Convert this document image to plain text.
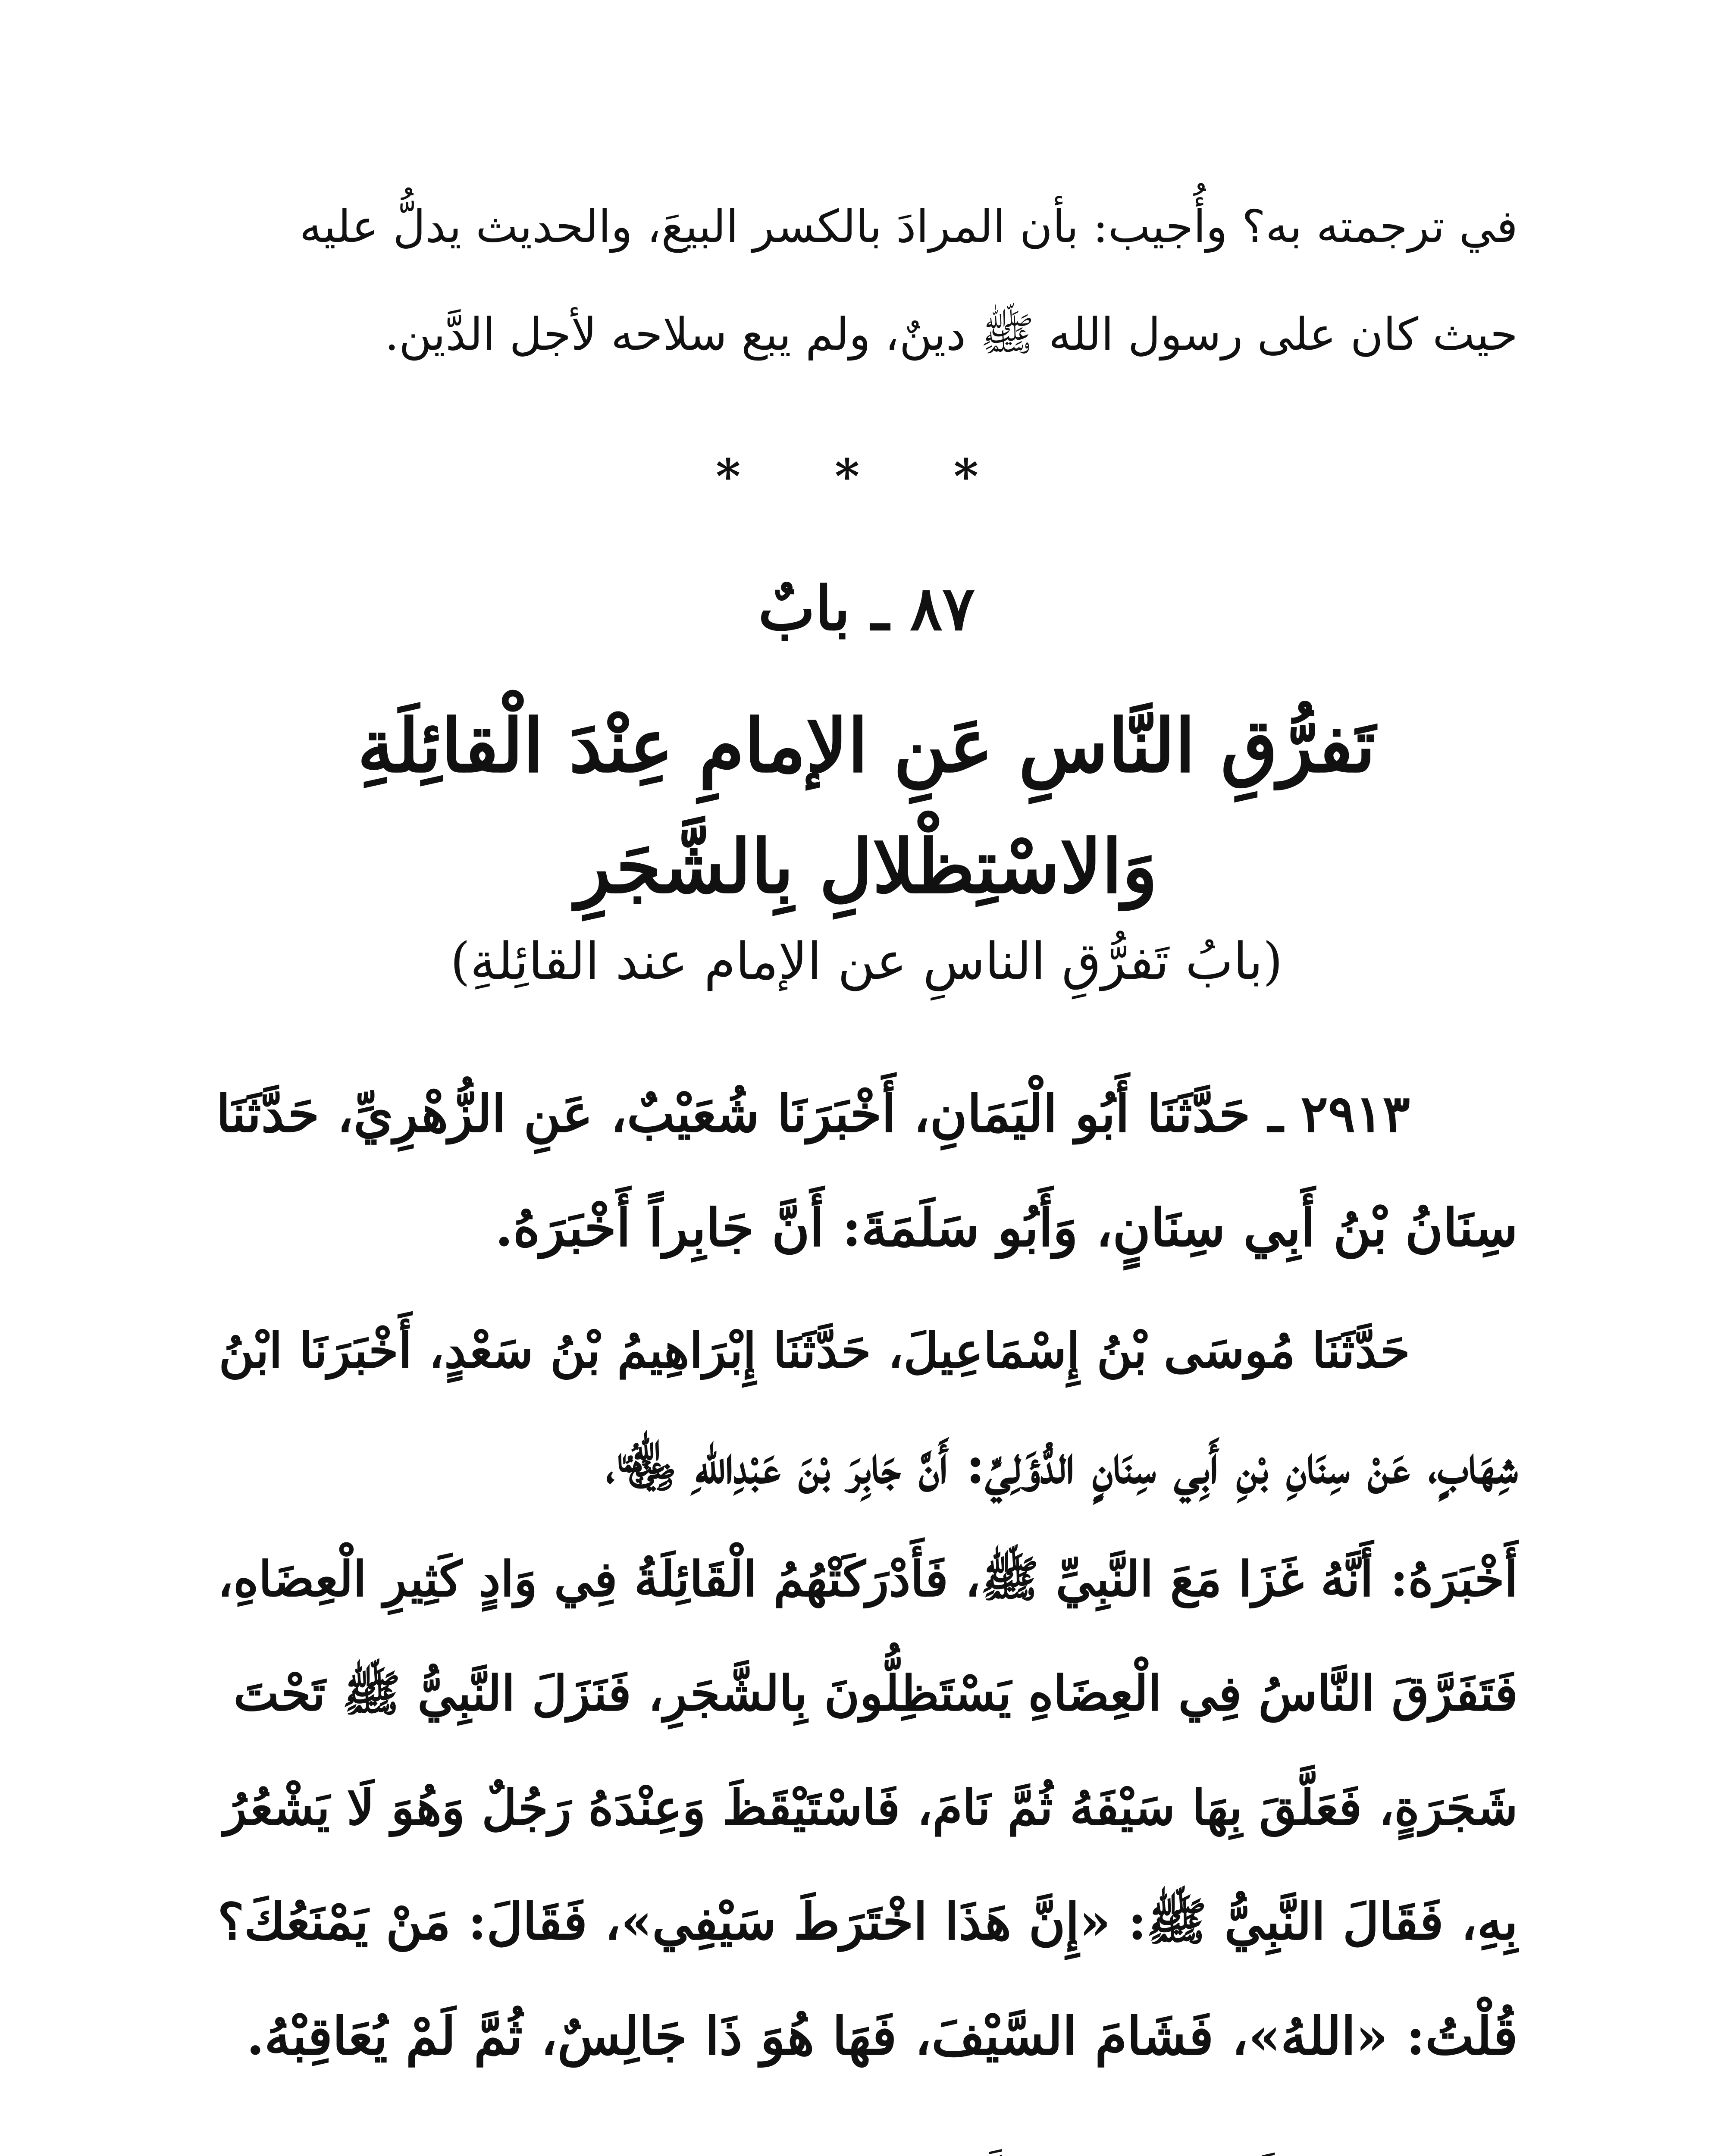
في ترجمته به؟ وأُجيب: بأن المرادَ بالكسر البيعَ، والحديث يدلُّ عليه
حيث كان على رسول الله ﷺ دينٌ، ولم يبع سلاحه لأجل الدَّين.
* * *
٨٧ ـ بابٌ
تَفرُّقِ النَّاسِ عَنِ الإمامِ عِنْدَ الْقائِلَةِ
وَالاسْتِظْلالِ بِالشَّجَرِ
(بابُ تَفرُّقِ الناسِ عن الإمام عند القائِلةِ)
٢٩١٣ ـ حَدَّثَنَا أَبُو الْيَمَانِ، أَخْبَرَنَا شُعَيْبٌ، عَنِ الزُّهْرِيِّ، حَدَّثَنَا
سِنَانُ بْنُ أَبِي سِنَانٍ، وَأَبُو سَلَمَةَ: أَنَّ جَابِراً أَخْبَرَهُ.
حَدَّثَنَا مُوسَى بْنُ إِسْمَاعِيلَ، حَدَّثَنَا إِبْرَاهِيمُ بْنُ سَعْدٍ، أَخْبَرَنَا ابْنُ
شِهَابٍ، عَنْ سِنَانِ بْنِ أَبِي سِنَانٍ الدُّؤَلِيِّ: أَنَّ جَابِرَ بْنَ عَبْدِاللهِ ﵄،
أَخْبَرَهُ: أَنَّهُ غَزَا مَعَ النَّبِيِّ ﷺ، فَأَدْرَكَتْهُمُ الْقَائِلَةُ فِي وَادٍ كَثِيرِ الْعِضَاهِ،
فَتَفَرَّقَ النَّاسُ فِي الْعِضَاهِ يَسْتَظِلُّونَ بِالشَّجَرِ، فَنَزَلَ النَّبِيُّ ﷺ تَحْتَ
شَجَرَةٍ، فَعَلَّقَ بِهَا سَيْفَهُ ثُمَّ نَامَ، فَاسْتَيْقَظَ وَعِنْدَهُ رَجُلٌ وَهُوَ لَا يَشْعُرُ
بِهِ، فَقَالَ النَّبِيُّ ﷺ: «إِنَّ هَذَا اخْتَرَطَ سَيْفِي»، فَقَالَ: مَنْ يَمْنَعُكَ؟
قُلْتُ: «اللهُ»، فَشَامَ السَّيْفَ، فَهَا هُوَ ذَا جَالِسٌ، ثُمَّ لَمْ يُعَاقِبْهُ.
